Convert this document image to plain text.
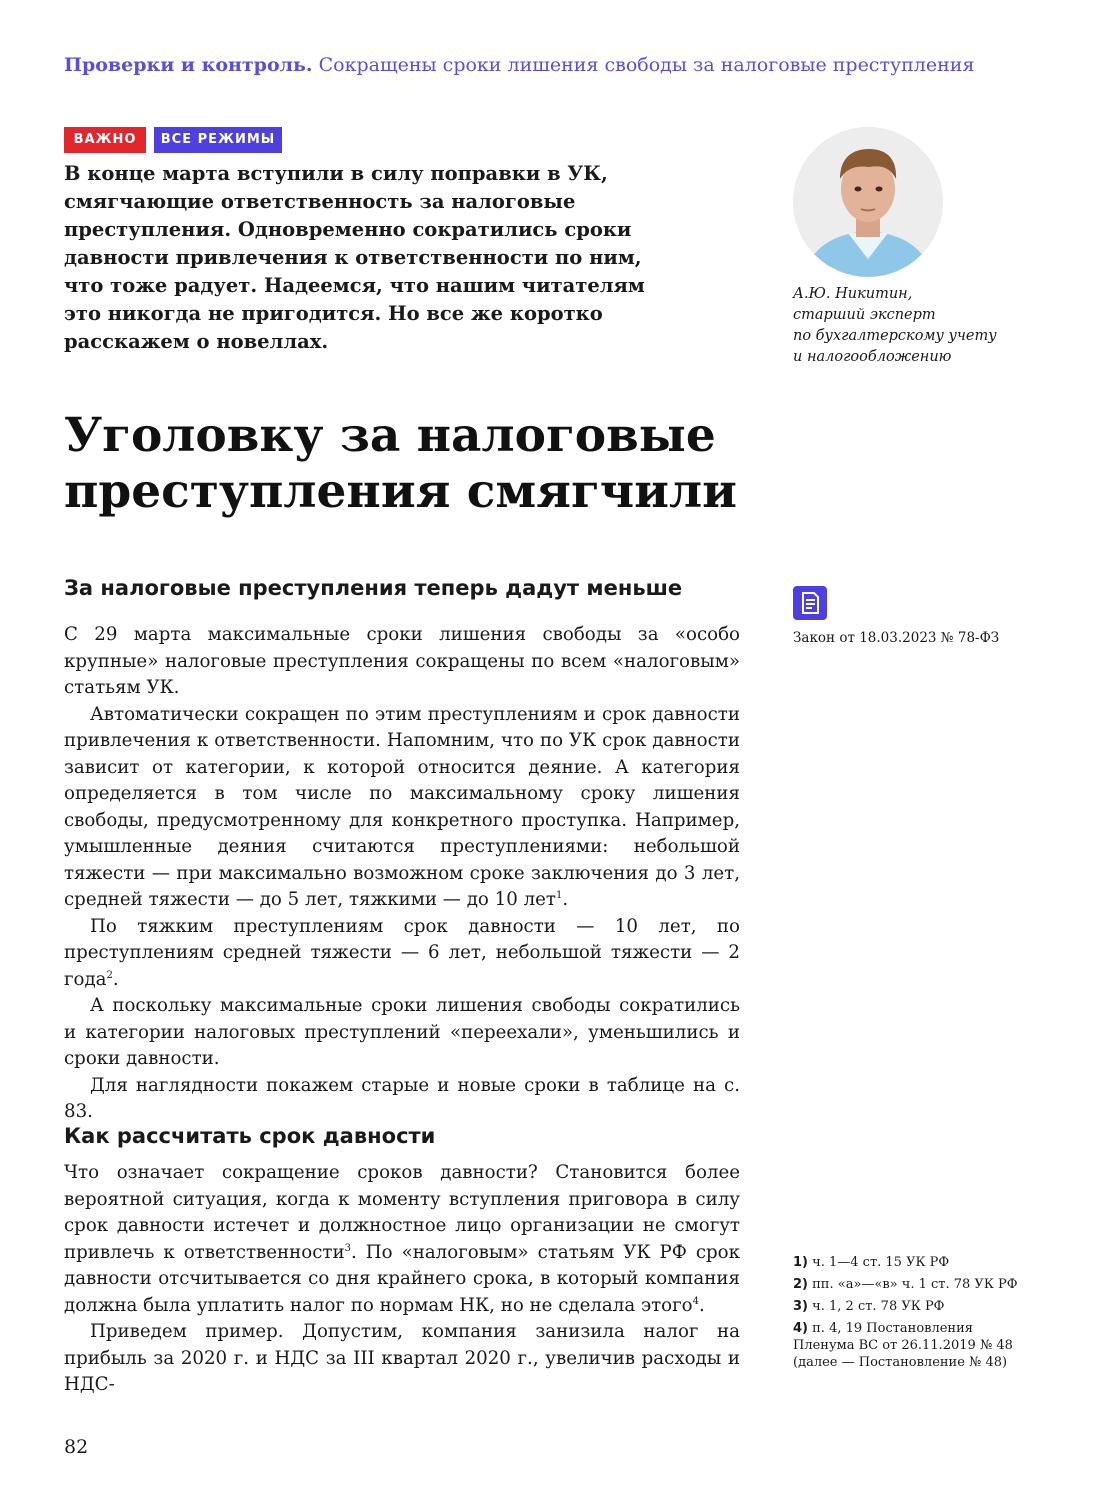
Проверки и контроль. Сокращены сроки лишения свободы за налоговые преступления
ВАЖНО	ВСЕ РЕЖИМЫ
В конце марта вступили в силу поправки в УК, смягчающие ответственность за налоговые преступления. Одновременно сократились сроки давности привлечения к ответственности по ним, что тоже радует. Надеемся, что нашим читателям это никогда не пригодится. Но все же коротко расскажем о новеллах.
А.Ю. Никитин,
старший эксперт
по бухгалтерскому учету
и налогообложению
Уголовку за налоговые
преступления смягчили
За налоговые преступления теперь дадут меньше

С 29 марта максимальные сроки лишения свободы за «особо крупные» налоговые преступления сокращены по всем «налоговым» статьям УК.

Автоматически сокращен по этим преступлениям и срок давности привлечения к ответственности. Напомним, что по УК срок давности зависит от категории, к которой относится деяние. А категория определяется в том числе по максимальному сроку лишения свободы, предусмотренному для конкретного проступка. Например, умышленные деяния считаются преступлениями: небольшой тяжести — при максимально возможном сроке заключения до 3 лет, средней тяжести — до 5 лет, тяжкими — до 10 лет$^1$.

По тяжким преступлениям срок давности — 10 лет, по преступлениям средней тяжести — 6 лет, небольшой тяжести — 2 года$^2$.

А поскольку максимальные сроки лишения свободы сократились и категории налоговых преступлений «переехали», уменьшились и сроки давности.

Для наглядности покажем старые и новые сроки в таблице на с. 83.

Закон от 18.03.2023 № 78-ФЗ
Как рассчитать срок давности

Что означает сокращение сроков давности? Становится более вероятной ситуация, когда к моменту вступления приговора в силу срок давности истечет и должностное лицо организации не смогут привлечь к ответственности$^3$. По «налоговым» статьям УК РФ срок давности отсчитывается со дня крайнего срока, в который компания должна была уплатить налог по нормам НК, но не сделала этого$^4$.

Приведем пример. Допустим, компания занизила налог на прибыль за 2020 г. и НДС за III квартал 2020 г., увеличив расходы и НДС-

1) ч. 1—4 ст. 15 УК РФ
2) пп. «а»—«в» ч. 1 ст. 78 УК РФ
3) ч. 1, 2 ст. 78 УК РФ
4) п. 4, 19 Постановления Пленума ВС от 26.11.2019 № 48 (далее — Постановление № 48)
82
